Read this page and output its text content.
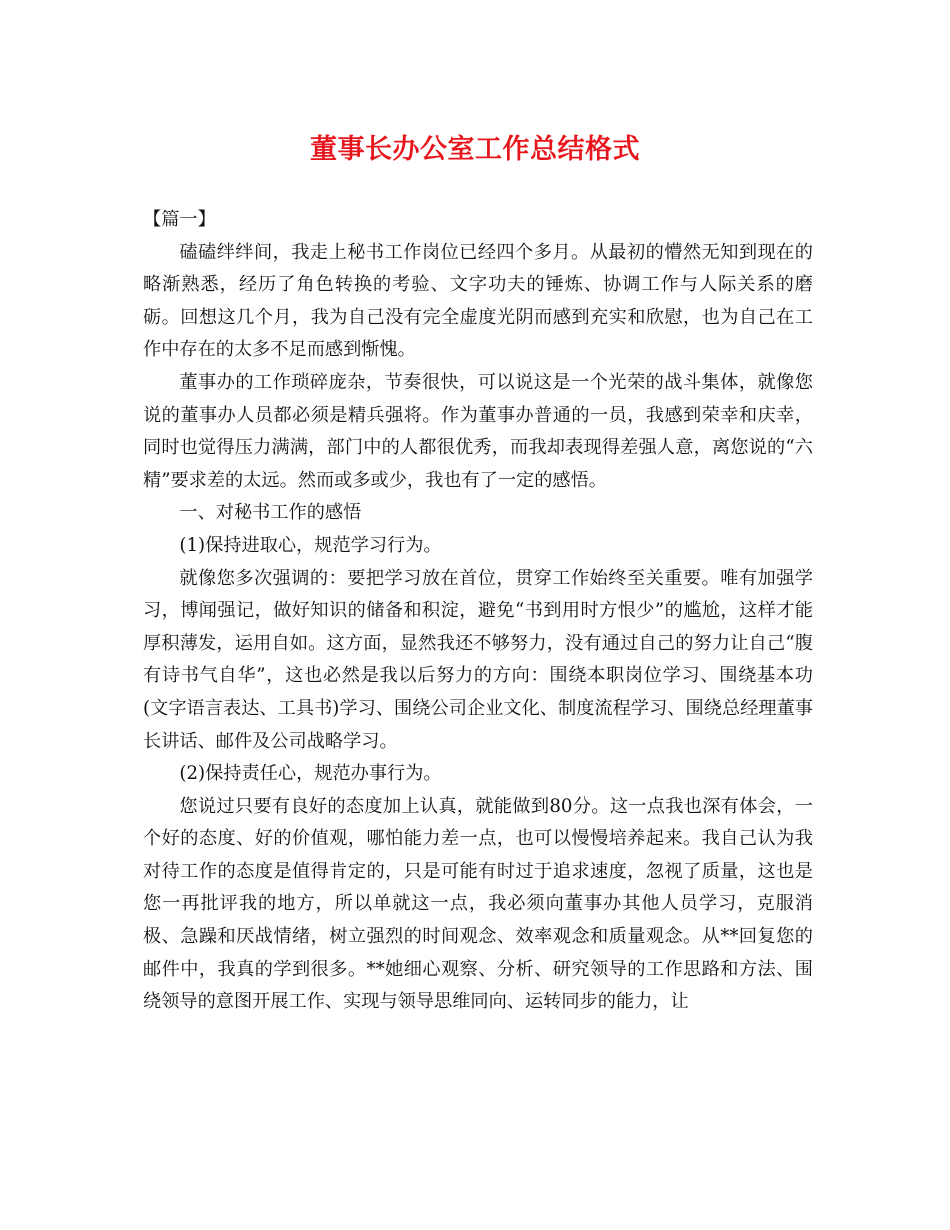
董事长办公室工作总结格式

【篇一】

磕磕绊绊间，我走上秘书工作岗位已经四个多月。从最初的懵然无知到现在的略渐熟悉，经历了角色转换的考验、文字功夫的锤炼、协调工作与人际关系的磨砺。回想这几个月，我为自己没有完全虚度光阴而感到充实和欣慰，也为自己在工作中存在的太多不足而感到惭愧。

董事办的工作琐碎庞杂，节奏很快，可以说这是一个光荣的战斗集体，就像您说的董事办人员都必须是精兵强将。作为董事办普通的一员，我感到荣幸和庆幸，同时也觉得压力满满，部门中的人都很优秀，而我却表现得差强人意，离您说的“六精”要求差的太远。然而或多或少，我也有了一定的感悟。

一、对秘书工作的感悟

(1)保持进取心，规范学习行为。

就像您多次强调的：要把学习放在首位，贯穿工作始终至关重要。唯有加强学习，博闻强记，做好知识的储备和积淀，避免“书到用时方恨少”的尴尬，这样才能厚积薄发，运用自如。这方面，显然我还不够努力，没有通过自己的努力让自己“腹有诗书气自华”，这也必然是我以后努力的方向：围绕本职岗位学习、围绕基本功(文字语言表达、工具书)学习、围绕公司企业文化、制度流程学习、围绕总经理董事长讲话、邮件及公司战略学习。

(2)保持责任心，规范办事行为。

您说过只要有良好的态度加上认真，就能做到80分。这一点我也深有体会，一个好的态度、好的价值观，哪怕能力差一点，也可以慢慢培养起来。我自己认为我对待工作的态度是值得肯定的，只是可能有时过于追求速度，忽视了质量，这也是您一再批评我的地方，所以单就这一点，我必须向董事办其他人员学习，克服消极、急躁和厌战情绪，树立强烈的时间观念、效率观念和质量观念。从**回复您的邮件中，我真的学到很多。**她细心观察、分析、研究领导的工作思路和方法、围绕领导的意图开展工作、实现与领导思维同向、运转同步的能力，让
